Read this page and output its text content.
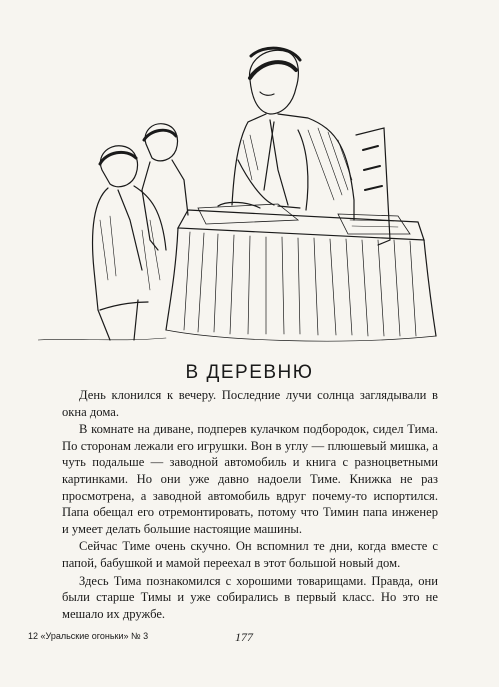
В ДЕРЕВНЮ

День клонился к вечеру. Последние лучи солнца заглядывали в окна дома.

В комнате на диване, подперев кулачком подбородок, сидел Тима. По сторонам лежали его игрушки. Вон в углу — плюшевый мишка, а чуть подальше — заводной автомобиль и книга с разноцветными картинками. Но они уже давно надоели Тиме. Книжка не раз просмотрена, а заводной автомобиль вдруг почему-то испортился. Папа обещал его отремонтировать, потому что Тимин папа инженер и умеет делать большие настоящие машины.

Сейчас Тиме очень скучно. Он вспомнил те дни, когда вместе с папой, бабушкой и мамой переехал в этот большой новый дом.

Здесь Тима познакомился с хорошими товарищами. Правда, они были старше Тимы и уже собирались в первый класс. Но это не мешало их дружбе.

12 «Уральские огоньки» № 3	177
